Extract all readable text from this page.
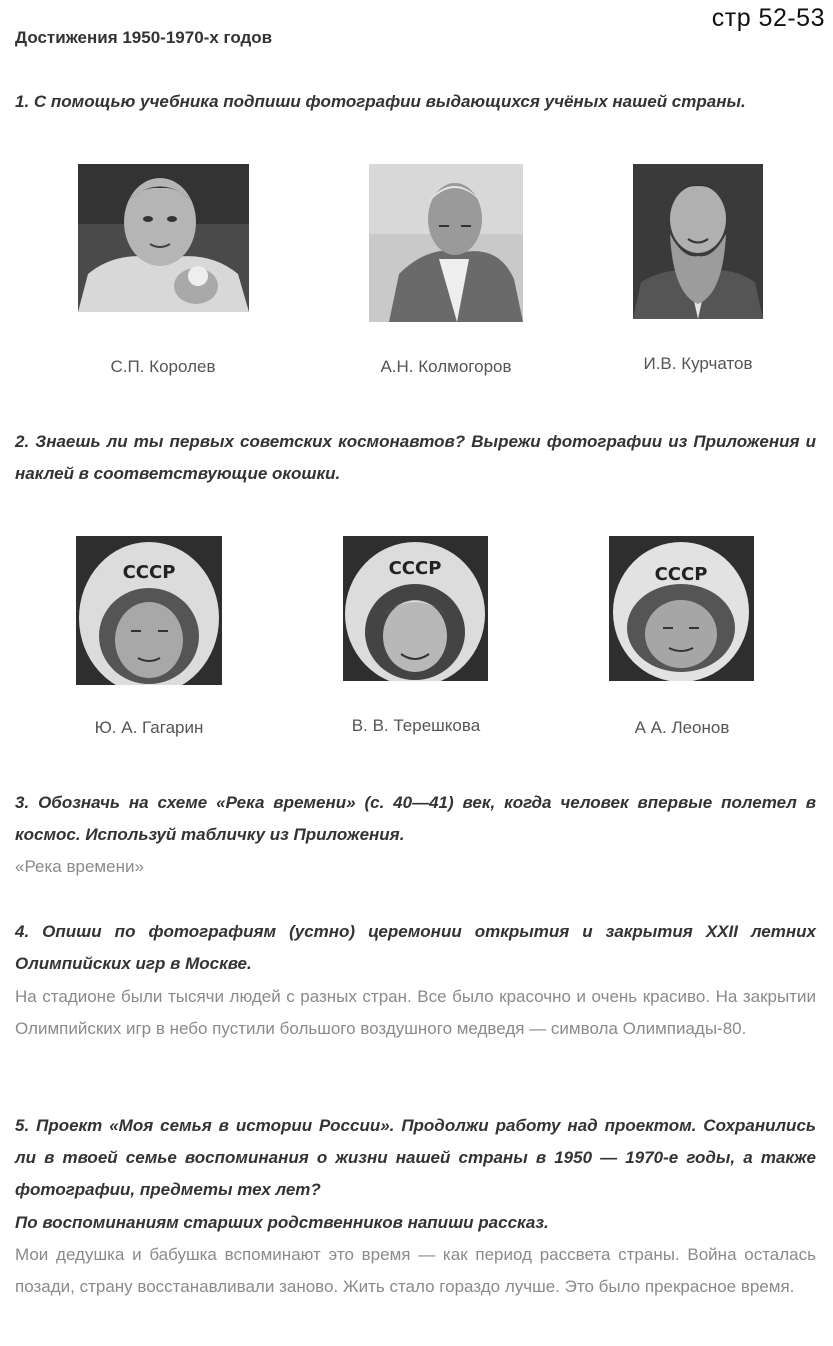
стр 52-53
Достижения 1950-1970-х годов
1. С помощью учебника подпиши фотографии выдающихся учёных нашей страны.
С.П. Королев	А.Н. Колмогоров	И.В. Курчатов
2. Знаешь ли ты первых советских космонавтов? Вырежи фотографии из Приложения и наклей в соответствующие окошки.
СССР	СССР	СССР
Ю. А. Гагарин	В. В. Терешкова	А А. Леонов
3. Обозначь на схеме «Река времени» (с. 40—41) век, когда человек впервые полетел в космос. Используй табличку из Приложения.
«Река времени»
4. Опиши по фотографиям (устно) церемонии открытия и закрытия XXII летних Олимпийских игр в Москве.
На стадионе были тысячи людей с разных стран. Все было красочно и очень красиво. На закрытии Олимпийских игр в небо пустили большого воздушного медведя — символа Олимпиады-80.
5. Проект «Моя семья в истории России». Продолжи работу над проектом. Сохранились ли в твоей семье воспоминания о жизни нашей страны в 1950 — 1970-е годы, а также фотографии, предметы тех лет?
По воспоминаниям старших родственников напиши рассказ.
Мои дедушка и бабушка вспоминают это время — как период рассвета страны. Война осталась позади, страну восстанавливали заново. Жить стало гораздо лучше. Это было прекрасное время.
